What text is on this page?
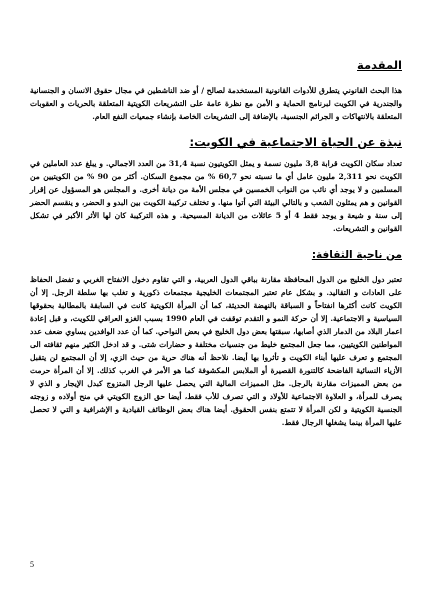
المقدمة

هذا البحث القانوني يتطرق للأدوات القانونية المستخدمة لصالح / أو ضد الناشطين في مجال حقوق الانسان و الجنسانية والجندرية في الكويت لبرنامج الحماية و الأمن مع نظرة عامة على التشريعات الكويتية المتعلقة بالحريات و العقوبات المتعلقة بالانتهاكات و الجرائم الجنسية، بالإضافة إلى التشريعات الخاصة بإنشاء جمعيات النفع العام.

نبذة عن الحياة الاجتماعية في الكويت:

تعداد سكان الكويت قرابة 3,8 مليون نسمة و يمثل الكويتيون نسبة 31,4 من العدد الاجمالي. و يبلغ عدد العاملين في الكويت نحو 2,311 مليون عامل أي ما نسبته نحو 60,7 % من مجموع السكان. أكثر من 90 % من الكويتيين من المسلمين و لا يوجد أي نائب من النواب الخمسين في مجلس الأمة من ديانة أخرى. و المجلس هو المسؤول عن إقرار القوانين و هم يمثلون الشعب و بالتالي البيئة التي أتوا منها. و تختلف تركيبة الكويت بين البدو و الحضر، و ينقسم الحضر إلى سنة و شيعة و يوجد فقط 4 أو 5 عائلات من الديانة المسيحية. و هذه التركيبة كان لها الأثر الأكبر في تشكل القوانين و التشريعات.

من ناحية الثقافة:

تعتبر دول الخليج من الدول المحافظة مقارنة بباقي الدول العربية، و التي تقاوم دخول الانفتاح الغربي و تفضل الحفاظ على العادات و التقاليد. و بشكل عام تعتبر المجتمعات الخليجية مجتمعات ذكورية و تغلب بها سلطة الرجل. إلا أن الكويت كانت أكثرها انفتاحاً و السباقة بالنهضة الحديثة، كما أن المرأة الكويتية كانت في السابقة بالمطالبة بحقوقها السياسية و الاجتماعية. إلا أن حركة النمو و التقدم توقفت في العام 1990 بسبب الغزو العراقي للكويت، و قبل إعادة اعمار البلاد من الدمار الذي أصابها، سبقتها بعض دول الخليج في بعض النواحي. كما أن عدد الوافدين يساوي ضعف عدد المواطنين الكويتيين، مما جعل المجتمع خليط من جنسيات مختلفة و حضارات شتى. و قد ادخل الكثير منهم ثقافته الى المجتمع و تعرف عليها أبناء الكويت و تأثروا بها أيضا. نلاحظ أنه هناك حرية من حيث الزي، إلا أن المجتمع لن يتقبل الأزياء النسائية الفاضحة كالتنورة القصيرة أو الملابس المكشوفة كما هو الأمر في الغرب كذلك. إلا أن المرأة حرمت من بعض المميزات مقارنة بالرجل. مثل المميزات المالية التي يحصل عليها الرجل المتزوج كبدل الإيجار و الذي لا يصرف للمرأة، و العلاوة الاجتماعية للأولاد و التي تصرف للأب فقط، أيضا حق الزوج الكويتي في منح أولاده و زوجته الجنسية الكويتية و لكن المرأة لا تتمتع بنفس الحقوق. أيضا هناك بعض الوظائف القيادية و الإشرافية و التي لا تحصل عليها المرأة بينما يشغلها الرجال فقط.

5
